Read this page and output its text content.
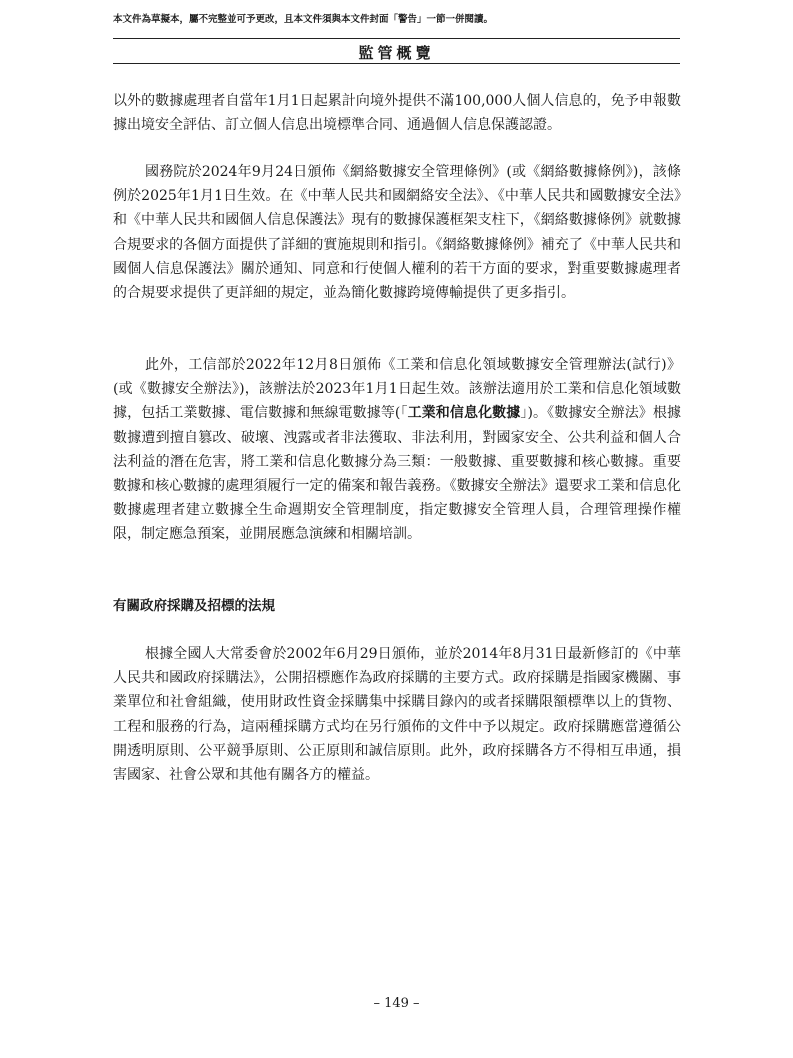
本文件為草擬本，屬不完整並可予更改，且本文件須與本文件封面「警告」一節一併閱讀。
監管概覽

以外的數據處理者自當年1月1日起累計向境外提供不滿100,000人個人信息的，免予申報數據出境安全評估、訂立個人信息出境標準合同、通過個人信息保護認證。

國務院於2024年9月24日頒佈《網絡數據安全管理條例》(或《網絡數據條例》)，該條例於2025年1月1日生效。在《中華人民共和國網絡安全法》、《中華人民共和國數據安全法》和《中華人民共和國個人信息保護法》現有的數據保護框架支柱下，《網絡數據條例》就數據合規要求的各個方面提供了詳細的實施規則和指引。《網絡數據條例》補充了《中華人民共和國個人信息保護法》關於通知、同意和行使個人權利的若干方面的要求，對重要數據處理者的合規要求提供了更詳細的規定，並為簡化數據跨境傳輸提供了更多指引。

此外，工信部於2022年12月8日頒佈《工業和信息化領域數據安全管理辦法(試行)》(或《數據安全辦法》)，該辦法於2023年1月1日起生效。該辦法適用於工業和信息化領域數據，包括工業數據、電信數據和無線電數據等(「工業和信息化數據」)。《數據安全辦法》根據數據遭到擅自篡改、破壞、洩露或者非法獲取、非法利用，對國家安全、公共利益和個人合法利益的潛在危害，將工業和信息化數據分為三類：一般數據、重要數據和核心數據。重要數據和核心數據的處理須履行一定的備案和報告義務。《數據安全辦法》還要求工業和信息化數據處理者建立數據全生命週期安全管理制度，指定數據安全管理人員，合理管理操作權限，制定應急預案，並開展應急演練和相關培訓。

有關政府採購及招標的法規

根據全國人大常委會於2002年6月29日頒佈，並於2014年8月31日最新修訂的《中華人民共和國政府採購法》，公開招標應作為政府採購的主要方式。政府採購是指國家機關、事業單位和社會組織，使用財政性資金採購集中採購目錄內的或者採購限額標準以上的貨物、工程和服務的行為，這兩種採購方式均在另行頒佈的文件中予以規定。政府採購應當遵循公開透明原則、公平競爭原則、公正原則和誠信原則。此外，政府採購各方不得相互串通，損害國家、社會公眾和其他有關各方的權益。

– 149 –
